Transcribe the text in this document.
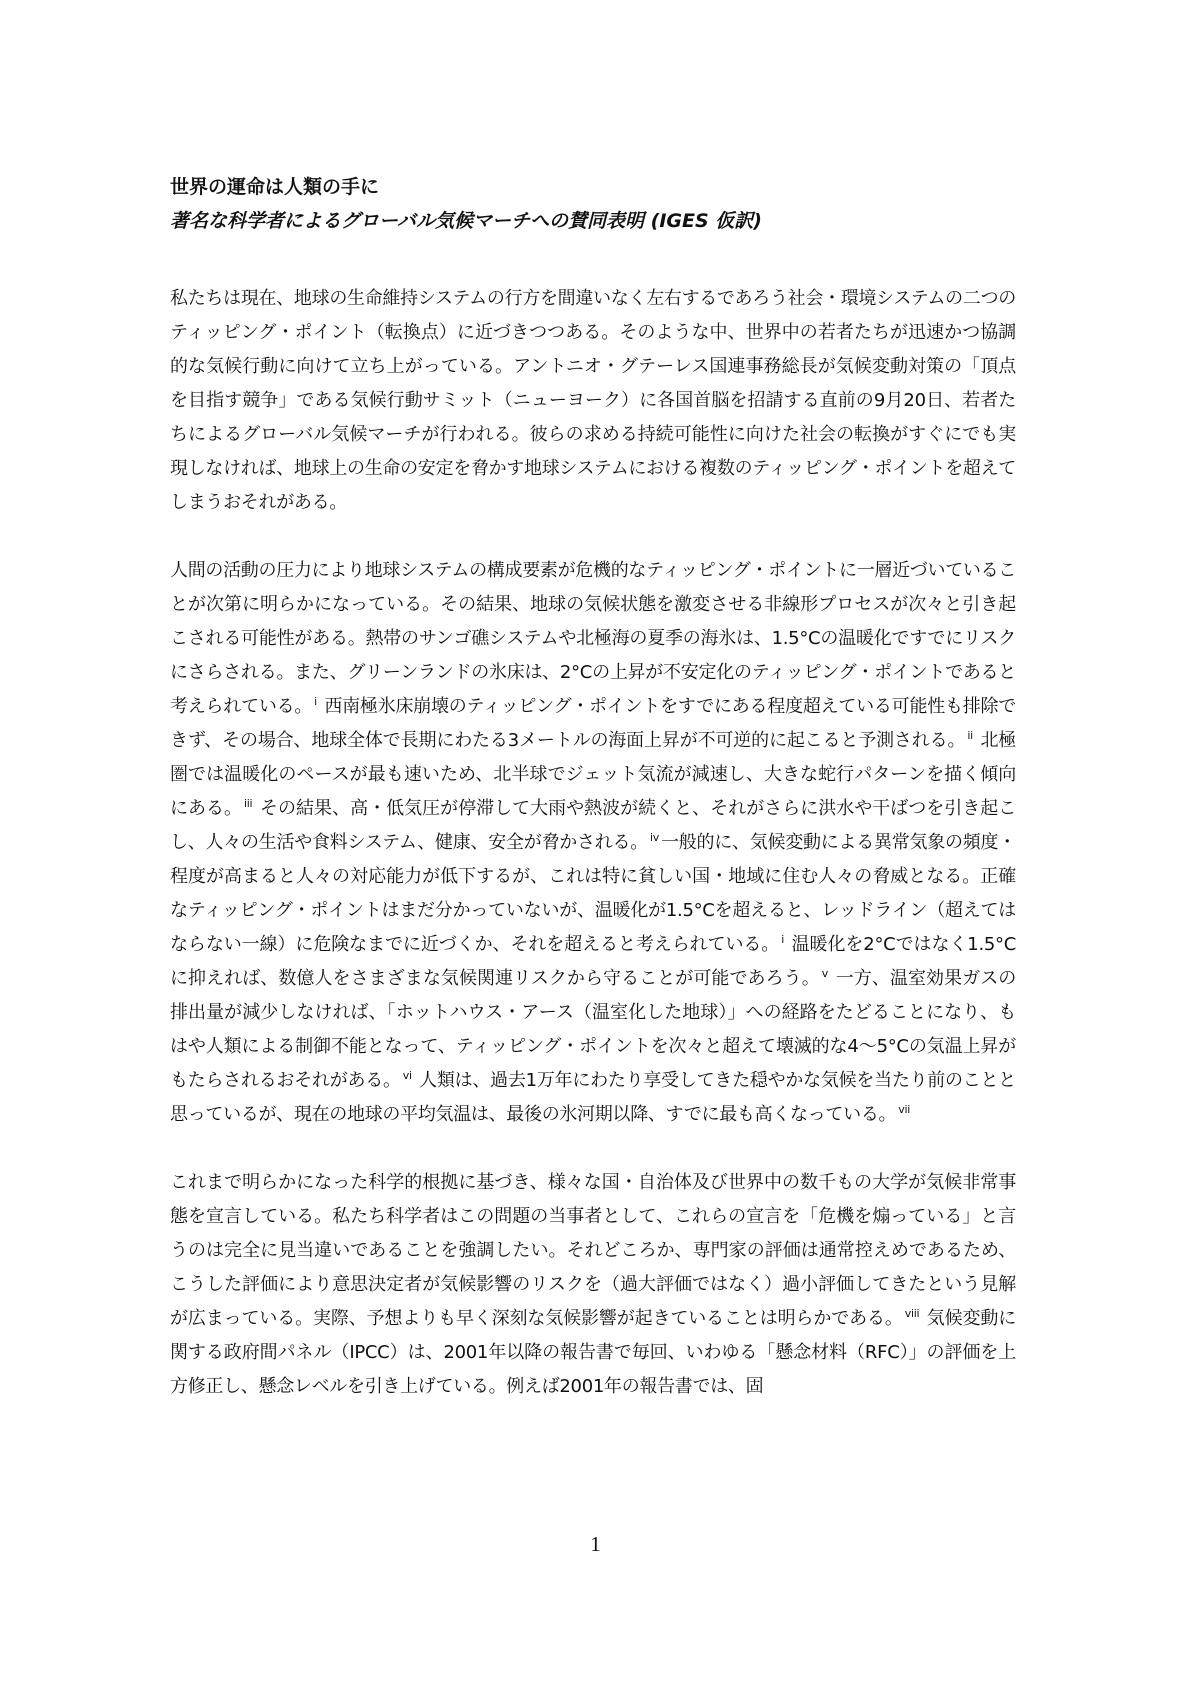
世界の運命は人類の手に
著名な科学者によるグローバル気候マーチへの賛同表明 (IGES 仮訳)

私たちは現在、地球の生命維持システムの行方を間違いなく左右するであろう社会・環境システムの二つのティッピング・ポイント（転換点）に近づきつつある。そのような中、世界中の若者たちが迅速かつ協調的な気候行動に向けて立ち上がっている。アントニオ・グテーレス国連事務総長が気候変動対策の「頂点を目指す競争」である気候行動サミット（ニューヨーク）に各国首脳を招請する直前の9月20日、若者たちによるグローバル気候マーチが行われる。彼らの求める持続可能性に向けた社会の転換がすぐにでも実現しなければ、地球上の生命の安定を脅かす地球システムにおける複数のティッピング・ポイントを超えてしまうおそれがある。

人間の活動の圧力により地球システムの構成要素が危機的なティッピング・ポイントに一層近づいていることが次第に明らかになっている。その結果、地球の気候状態を激変させる非線形プロセスが次々と引き起こされる可能性がある。熱帯のサンゴ礁システムや北極海の夏季の海氷は、1.5°Cの温暖化ですでにリスクにさらされる。また、グリーンランドの氷床は、2°Cの上昇が不安定化のティッピング・ポイントであると考えられている。 $^i$ 西南極氷床崩壊のティッピング・ポイントをすでにある程度超えている可能性も排除できず、その場合、地球全体で長期にわたる3メートルの海面上昇が不可逆的に起こると予測される。 $^{ii}$ 北極圏では温暖化のペースが最も速いため、北半球でジェット気流が減速し、大きな蛇行パターンを描く傾向にある。 $^{iii}$ その結果、高・低気圧が停滞して大雨や熱波が続くと、それがさらに洪水や干ばつを引き起こし、人々の生活や食料システム、健康、安全が脅かされる。 $^{iv}$ 一般的に、気候変動による異常気象の頻度・程度が高まると人々の対応能力が低下するが、これは特に貧しい国・地域に住む人々の脅威となる。正確なティッピング・ポイントはまだ分かっていないが、温暖化が1.5°Cを超えると、レッドライン（超えてはならない一線）に危険なまでに近づくか、それを超えると考えられている。 $^i$ 温暖化を2°Cではなく1.5°Cに抑えれば、数億人をさまざまな気候関連リスクから守ることが可能であろう。 $^v$ 一方、温室効果ガスの排出量が減少しなければ、「ホットハウス・アース（温室化した地球）」への経路をたどることになり、もはや人類による制御不能となって、ティッピング・ポイントを次々と超えて壊滅的な4～5°Cの気温上昇がもたらされるおそれがある。 $^{vi}$ 人類は、過去1万年にわたり享受してきた穏やかな気候を当たり前のことと思っているが、現在の地球の平均気温は、最後の氷河期以降、すでに最も高くなっている。 $^{vii}$

これまで明らかになった科学的根拠に基づき、様々な国・自治体及び世界中の数千もの大学が気候非常事態を宣言している。私たち科学者はこの問題の当事者として、これらの宣言を「危機を煽っている」と言うのは完全に見当違いであることを強調したい。それどころか、専門家の評価は通常控えめであるため、こうした評価により意思決定者が気候影響のリスクを（過大評価ではなく）過小評価してきたという見解が広まっている。実際、予想よりも早く深刻な気候影響が起きていることは明らかである。 $^{viii}$ 気候変動に関する政府間パネル（IPCC）は、2001年以降の報告書で毎回、いわゆる「懸念材料（RFC）」の評価を上方修正し、懸念レベルを引き上げている。例えば2001年の報告書では、固

1
